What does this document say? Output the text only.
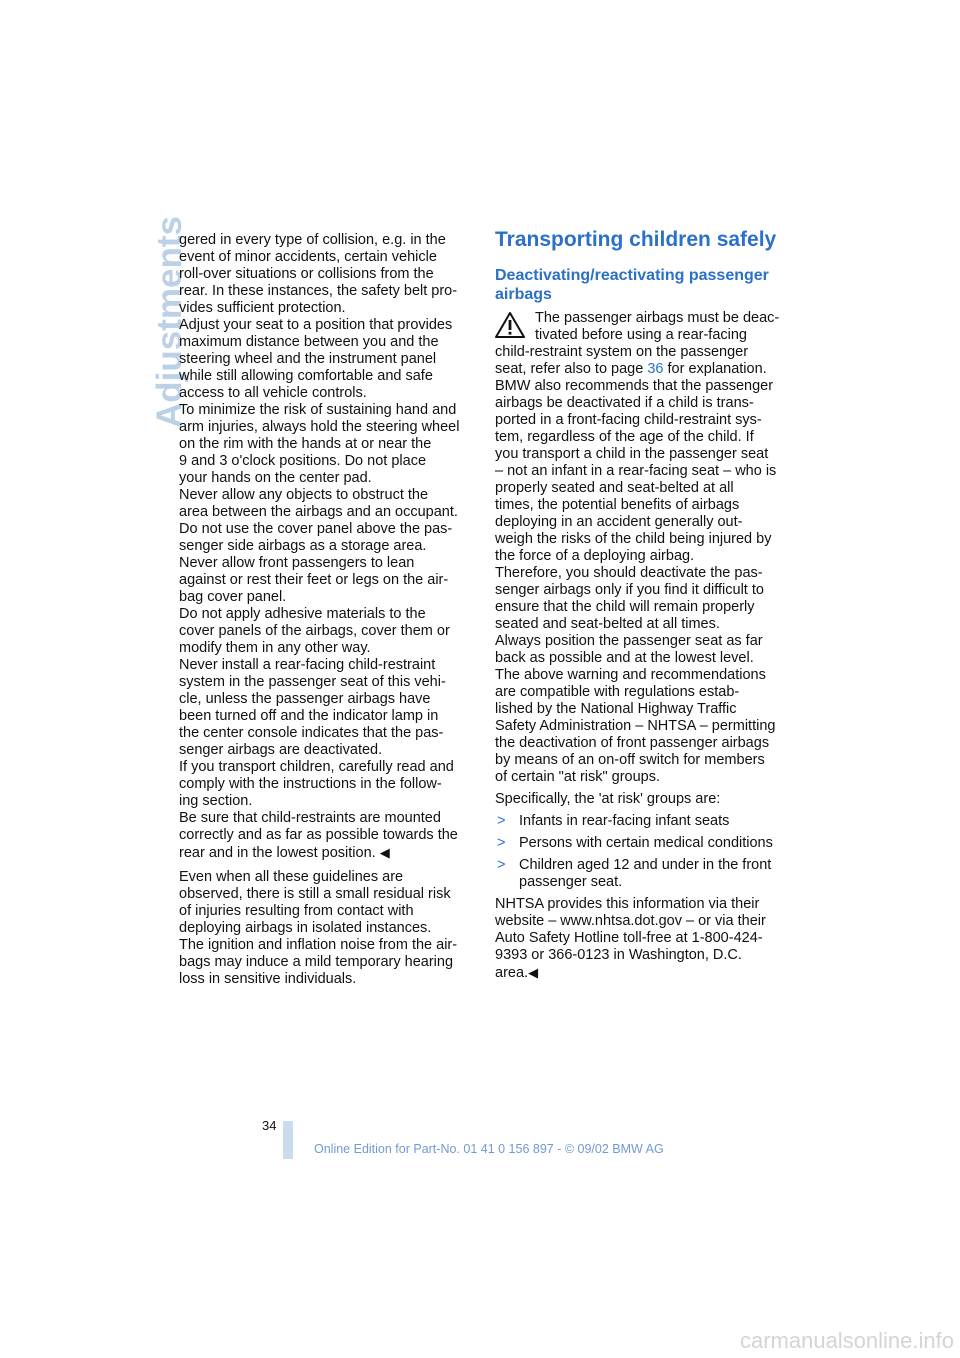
Adjustments
gered in every type of collision, e.g. in the
event of minor accidents, certain vehicle
roll-over situations or collisions from the
rear. In these instances, the safety belt pro-
vides sufficient protection.
Adjust your seat to a position that provides
maximum distance between you and the
steering wheel and the instrument panel
while still allowing comfortable and safe
access to all vehicle controls.
To minimize the risk of sustaining hand and
arm injuries, always hold the steering wheel
on the rim with the hands at or near the
9 and 3 o'clock positions. Do not place
your hands on the center pad.
Never allow any objects to obstruct the
area between the airbags and an occupant.
Do not use the cover panel above the pas-
senger side airbags as a storage area.
Never allow front passengers to lean
against or rest their feet or legs on the air-
bag cover panel.
Do not apply adhesive materials to the
cover panels of the airbags, cover them or
modify them in any other way.
Never install a rear-facing child-restraint
system in the passenger seat of this vehi-
cle, unless the passenger airbags have
been turned off and the indicator lamp in
the center console indicates that the pas-
senger airbags are deactivated.
If you transport children, carefully read and
comply with the instructions in the follow-
ing section.
Be sure that child-restraints are mounted
correctly and as far as possible towards the
rear and in the lowest position. ◀
Even when all these guidelines are
observed, there is still a small residual risk
of injuries resulting from contact with
deploying airbags in isolated instances.
The ignition and inflation noise from the air-
bags may induce a mild temporary hearing
loss in sensitive individuals.
Transporting children safely
Deactivating/reactivating passenger
airbags
The passenger airbags must be deac-
tivated before using a rear-facing
child-restraint system on the passenger
seat, refer also to page 36 for explanation.
BMW also recommends that the passenger
airbags be deactivated if a child is trans-
ported in a front-facing child-restraint sys-
tem, regardless of the age of the child. If
you transport a child in the passenger seat
– not an infant in a rear-facing seat – who is
properly seated and seat-belted at all
times, the potential benefits of airbags
deploying in an accident generally out-
weigh the risks of the child being injured by
the force of a deploying airbag.
Therefore, you should deactivate the pas-
senger airbags only if you find it difficult to
ensure that the child will remain properly
seated and seat-belted at all times.
Always position the passenger seat as far
back as possible and at the lowest level.
The above warning and recommendations
are compatible with regulations estab-
lished by the National Highway Traffic
Safety Administration – NHTSA – permitting
the deactivation of front passenger airbags
by means of an on-off switch for members
of certain "at risk" groups.
Specifically, the 'at risk' groups are:
> Infants in rear-facing infant seats
> Persons with certain medical conditions
> Children aged 12 and under in the front
passenger seat.
NHTSA provides this information via their
website – www.nhtsa.dot.gov – or via their
Auto Safety Hotline toll-free at 1-800-424-
9393 or 366-0123 in Washington, D.C.
area.◀
34
Online Edition for Part-No. 01 41 0 156 897 - © 09/02 BMW AG
carmanualsonline.info
